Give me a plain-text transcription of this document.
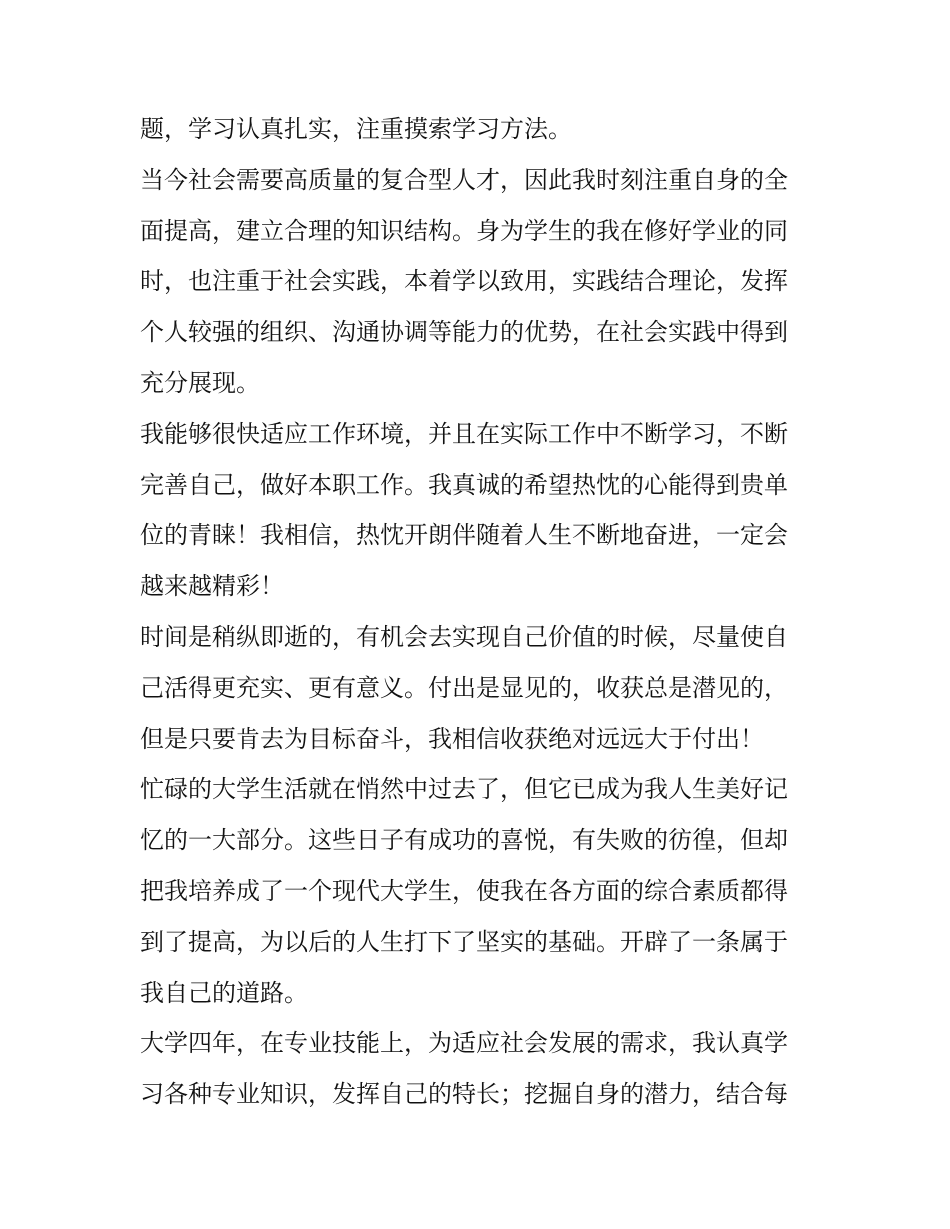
题，学习认真扎实，注重摸索学习方法。
当今社会需要高质量的复合型人才，因此我时刻注重自身的全
面提高，建立合理的知识结构。身为学生的我在修好学业的同
时，也注重于社会实践，本着学以致用，实践结合理论，发挥
个人较强的组织、沟通协调等能力的优势，在社会实践中得到
充分展现。
我能够很快适应工作环境，并且在实际工作中不断学习，不断
完善自己，做好本职工作。我真诚的希望热忱的心能得到贵单
位的青睐！我相信，热忱开朗伴随着人生不断地奋进，一定会
越来越精彩！
时间是稍纵即逝的，有机会去实现自己价值的时候，尽量使自
己活得更充实、更有意义。付出是显见的，收获总是潜见的，
但是只要肯去为目标奋斗，我相信收获绝对远远大于付出！
忙碌的大学生活就在悄然中过去了，但它已成为我人生美好记
忆的一大部分。这些日子有成功的喜悦，有失败的彷徨，但却
把我培养成了一个现代大学生，使我在各方面的综合素质都得
到了提高，为以后的人生打下了坚实的基础。开辟了一条属于
我自己的道路。
大学四年，在专业技能上，为适应社会发展的需求，我认真学
习各种专业知识，发挥自己的特长；挖掘自身的潜力，结合每
